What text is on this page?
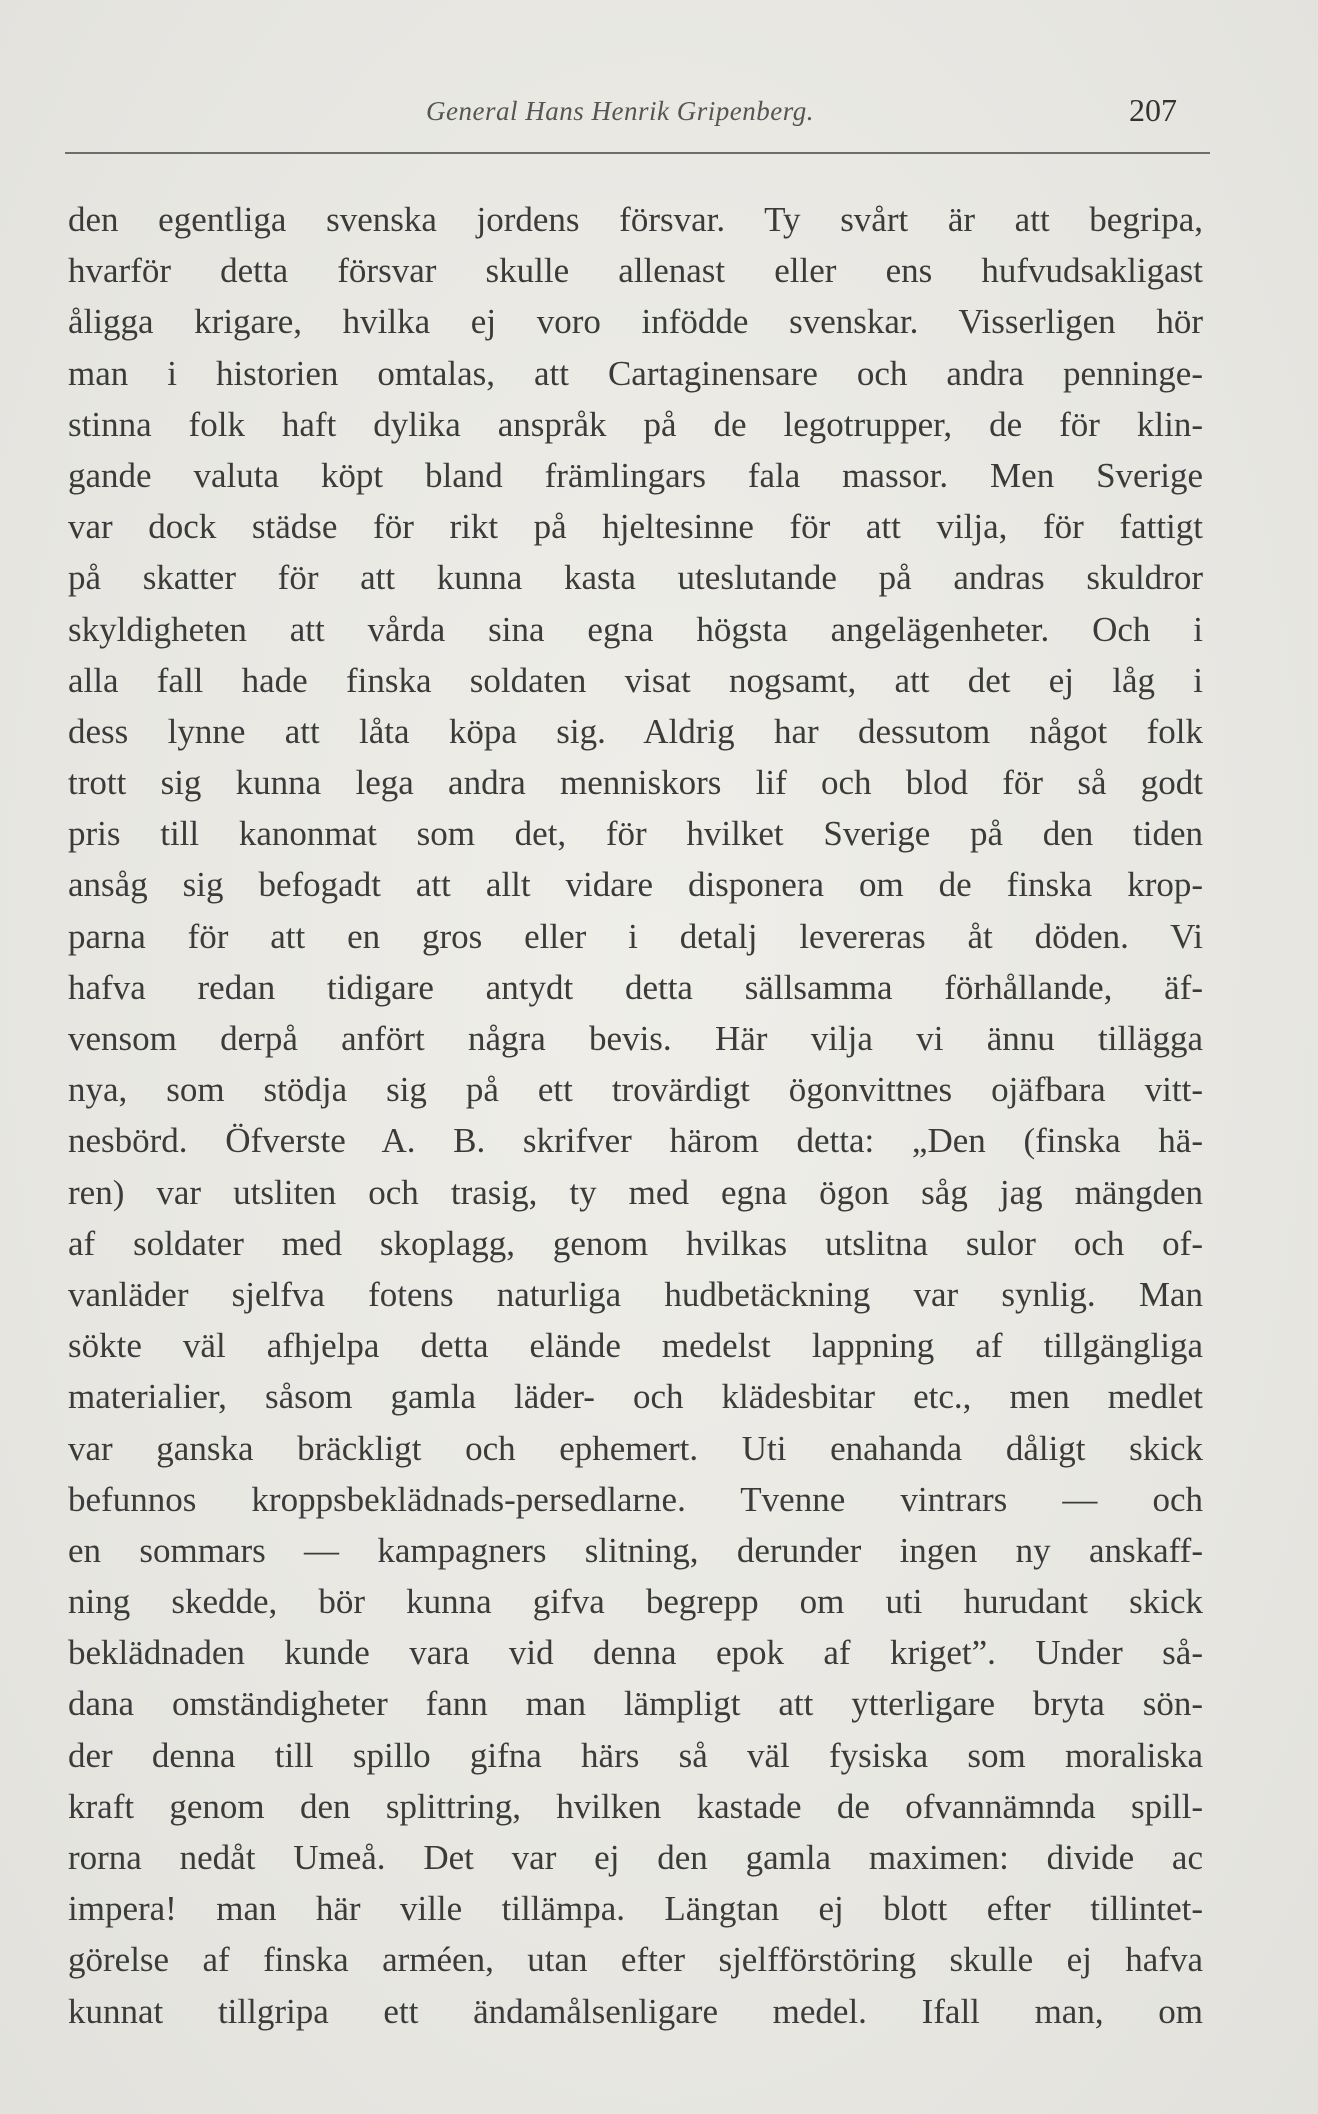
General Hans Henrik Gripenberg.	207
den egentliga svenska jordens försvar. Ty svårt är att begripa,
hvarför detta försvar skulle allenast eller ens hufvudsakligast
åligga krigare, hvilka ej voro infödde svenskar. Visserligen hör
man i historien omtalas, att Cartaginensare och andra penninge-
stinna folk haft dylika anspråk på de legotrupper, de för klin-
gande valuta köpt bland främlingars fala massor. Men Sverige
var dock städse för rikt på hjeltesinne för att vilja, för fattigt
på skatter för att kunna kasta uteslutande på andras skuldror
skyldigheten att vårda sina egna högsta angelägenheter. Och i
alla fall hade finska soldaten visat nogsamt, att det ej låg i
dess lynne att låta köpa sig. Aldrig har dessutom något folk
trott sig kunna lega andra menniskors lif och blod för så godt
pris till kanonmat som det, för hvilket Sverige på den tiden
ansåg sig befogadt att allt vidare disponera om de finska krop-
parna för att en gros eller i detalj levereras åt döden. Vi
hafva redan tidigare antydt detta sällsamma förhållande, äf-
vensom derpå anfört några bevis. Här vilja vi ännu tillägga
nya, som stödja sig på ett trovärdigt ögonvittnes ojäfbara vitt-
nesbörd. Öfverste A. B. skrifver härom detta: „Den (finska hä-
ren) var utsliten och trasig, ty med egna ögon såg jag mängden
af soldater med skoplagg, genom hvilkas utslitna sulor och of-
vanläder sjelfva fotens naturliga hudbetäckning var synlig. Man
sökte väl afhjelpa detta elände medelst lappning af tillgängliga
materialier, såsom gamla läder- och klädesbitar etc., men medlet
var ganska bräckligt och ephemert. Uti enahanda dåligt skick
befunnos kroppsbeklädnads-persedlarne. Tvenne vintrars — och
en sommars — kampagners slitning, derunder ingen ny anskaff-
ning skedde, bör kunna gifva begrepp om uti hurudant skick
beklädnaden kunde vara vid denna epok af kriget”. Under så-
dana omständigheter fann man lämpligt att ytterligare bryta sön-
der denna till spillo gifna härs så väl fysiska som moraliska
kraft genom den splittring, hvilken kastade de ofvannämnda spill-
rorna nedåt Umeå. Det var ej den gamla maximen: divide ac
impera! man här ville tillämpa. Längtan ej blott efter tillintet-
görelse af finska arméen, utan efter sjelfförstöring skulle ej hafva
kunnat tillgripa ett ändamålsenligare medel. Ifall man, om
